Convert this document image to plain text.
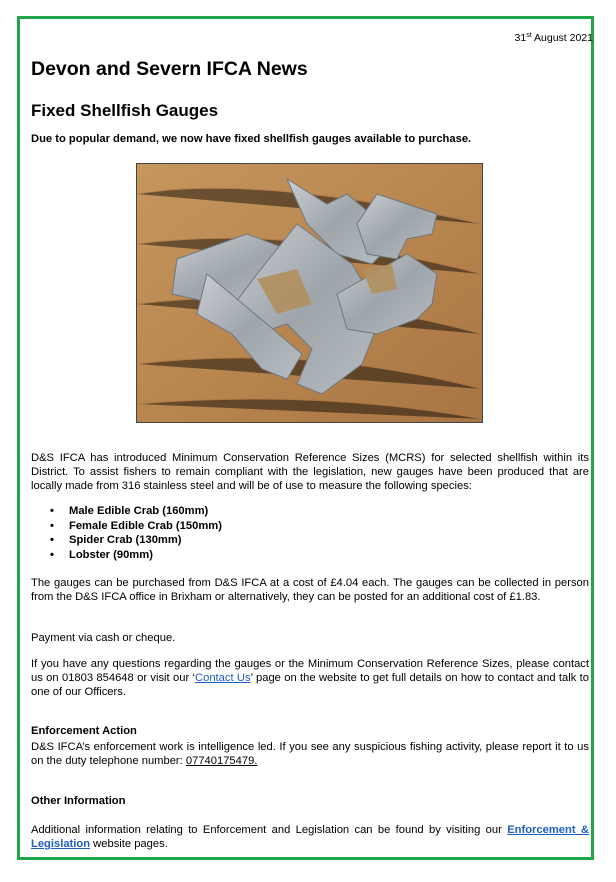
31st August 2021
Devon and Severn IFCA News
Fixed Shellfish Gauges

Due to popular demand, we now have fixed shellfish gauges available to purchase.

D&S IFCA has introduced Minimum Conservation Reference Sizes (MCRS) for selected shellfish within its District. To assist fishers to remain compliant with the legislation, new gauges have been produced that are locally made from 316 stainless steel and will be of use to measure the following species:

• Male Edible Crab (160mm)
• Female Edible Crab (150mm)
• Spider Crab (130mm)
• Lobster (90mm)

The gauges can be purchased from D&S IFCA at a cost of £4.04 each. The gauges can be collected in person from the D&S IFCA office in Brixham or alternatively, they can be posted for an additional cost of £1.83.

Payment via cash or cheque.

If you have any questions regarding the gauges or the Minimum Conservation Reference Sizes, please contact us on 01803 854648 or visit our ‘Contact Us’ page on the website to get full details on how to contact and talk to one of our Officers.

Enforcement Action

D&S IFCA’s enforcement work is intelligence led. If you see any suspicious fishing activity, please report it to us on the duty telephone number: 07740175479.

Other Information

Additional information relating to Enforcement and Legislation can be found by visiting our Enforcement & Legislation website pages.
